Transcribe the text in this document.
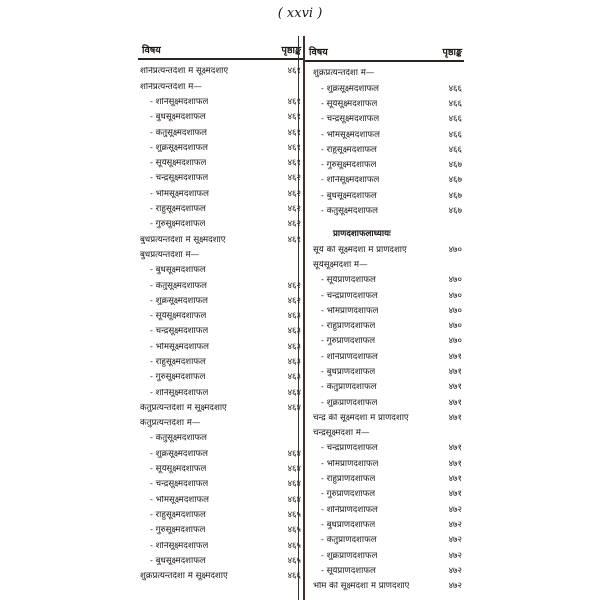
( xxvi )
विषय	पृष्ठाङ्क
शनिप्रत्यन्तर्दशा में सूक्ष्मदशाएँ	४६१
शनिप्रत्यन्तर्दशा में—
- शनिसूक्ष्मदशाफल	४६१
- बुधसूक्ष्मदशाफल	४६१
- केतुसूक्ष्मदशाफल	४६१
- शुक्रसूक्ष्मदशाफल	४६१
- सूर्यसूक्ष्मदशाफल	४६१
- चन्द्रसूक्ष्मदशाफल	४६२
- भौमसूक्ष्मदशाफल	४६२
- राहुसूक्ष्मदशाफल	४६२
- गुरुसूक्ष्मदशाफल	४६२
बुधप्रत्यन्तर्दशा में सूक्ष्मदशाएँ	४६१
बुधप्रत्यन्तर्दशा में—
- बुधसूक्ष्मदशाफल
- केतुसूक्ष्मदशाफल	४६२
- शुक्रसूक्ष्मदशाफल	४६२
- सूर्यसूक्ष्मदशाफल	४६३
- चन्द्रसूक्ष्मदशाफल	४६३
- भौमसूक्ष्मदशाफल	४६३
- राहुसूक्ष्मदशाफल	४६३
- गुरुसूक्ष्मदशाफल	४६३
- शनिसूक्ष्मदशाफल	४६४
केतुप्रत्यन्तर्दशा में सूक्ष्मदशाएँ	४६४
केतुप्रत्यन्तर्दशा में—
- केतुसूक्ष्मदशाफल
- शुक्रसूक्ष्मदशाफल	४६४
- सूर्यसूक्ष्मदशाफल	४६४
- चन्द्रसूक्ष्मदशाफल	४६४
- भौमसूक्ष्मदशाफल	४६४
- राहुसूक्ष्मदशाफल	४६५
- गुरुसूक्ष्मदशाफल	४६५
- शनिसूक्ष्मदशाफल	४६५
- बुधसूक्ष्मदशाफल	४६५
शुक्रप्रत्यन्तर्दशा में सूक्ष्मदशाएँ	४६६
विषय	पृष्ठाङ्क
शुक्रप्रत्यन्तर्दशा में—
- शुक्रसूक्ष्मदशाफल	४६६
- सूर्यसूक्ष्मदशाफल	४६६
- चन्द्रसूक्ष्मदशाफल	४६६
- भौमसूक्ष्मदशाफल	४६६
- राहुसूक्ष्मदशाफल	४६६
- गुरुसूक्ष्मदशाफल	४६७
- शनिसूक्ष्मदशाफल	४६७
- बुधसूक्ष्मदशाफल	४६७
- केतुसूक्ष्मदशाफल	४६७
प्राणदशाफलाध्यायः
सूर्य की सूक्ष्मदशा में प्राणदशाएँ	४७०
सूर्यसूक्ष्मदशा में—
- सूर्यप्राणदशाफल	४७०
- चन्द्रप्राणदशाफल	४७०
- भौमप्राणदशाफल	४७०
- राहुप्राणदशाफल	४७०
- गुरुप्राणदशाफल	४७०
- शनिप्राणदशाफल	४७१
- बुधप्राणदशाफल	४७१
- केतुप्राणदशाफल	४७१
- शुक्रप्राणदशाफल	४७१
चन्द्र की सूक्ष्मदशा में प्राणदशाएँ	४७१
चन्द्रसूक्ष्मदशा में—
- चन्द्रप्राणदशाफल	४७१
- भौमप्राणदशाफल	४७१
- राहुप्राणदशाफल	४७१
- गुरुप्राणदशाफल	४७१
- शनिप्राणदशाफल	४७२
- बुधप्राणदशाफल	४७२
- केतुप्राणदशाफल	४७२
- शुक्रप्राणदशाफल	४७२
- सूर्यप्राणदशाफल	४७२
भौम की सूक्ष्मदशा में प्राणदशाएँ	४७२
